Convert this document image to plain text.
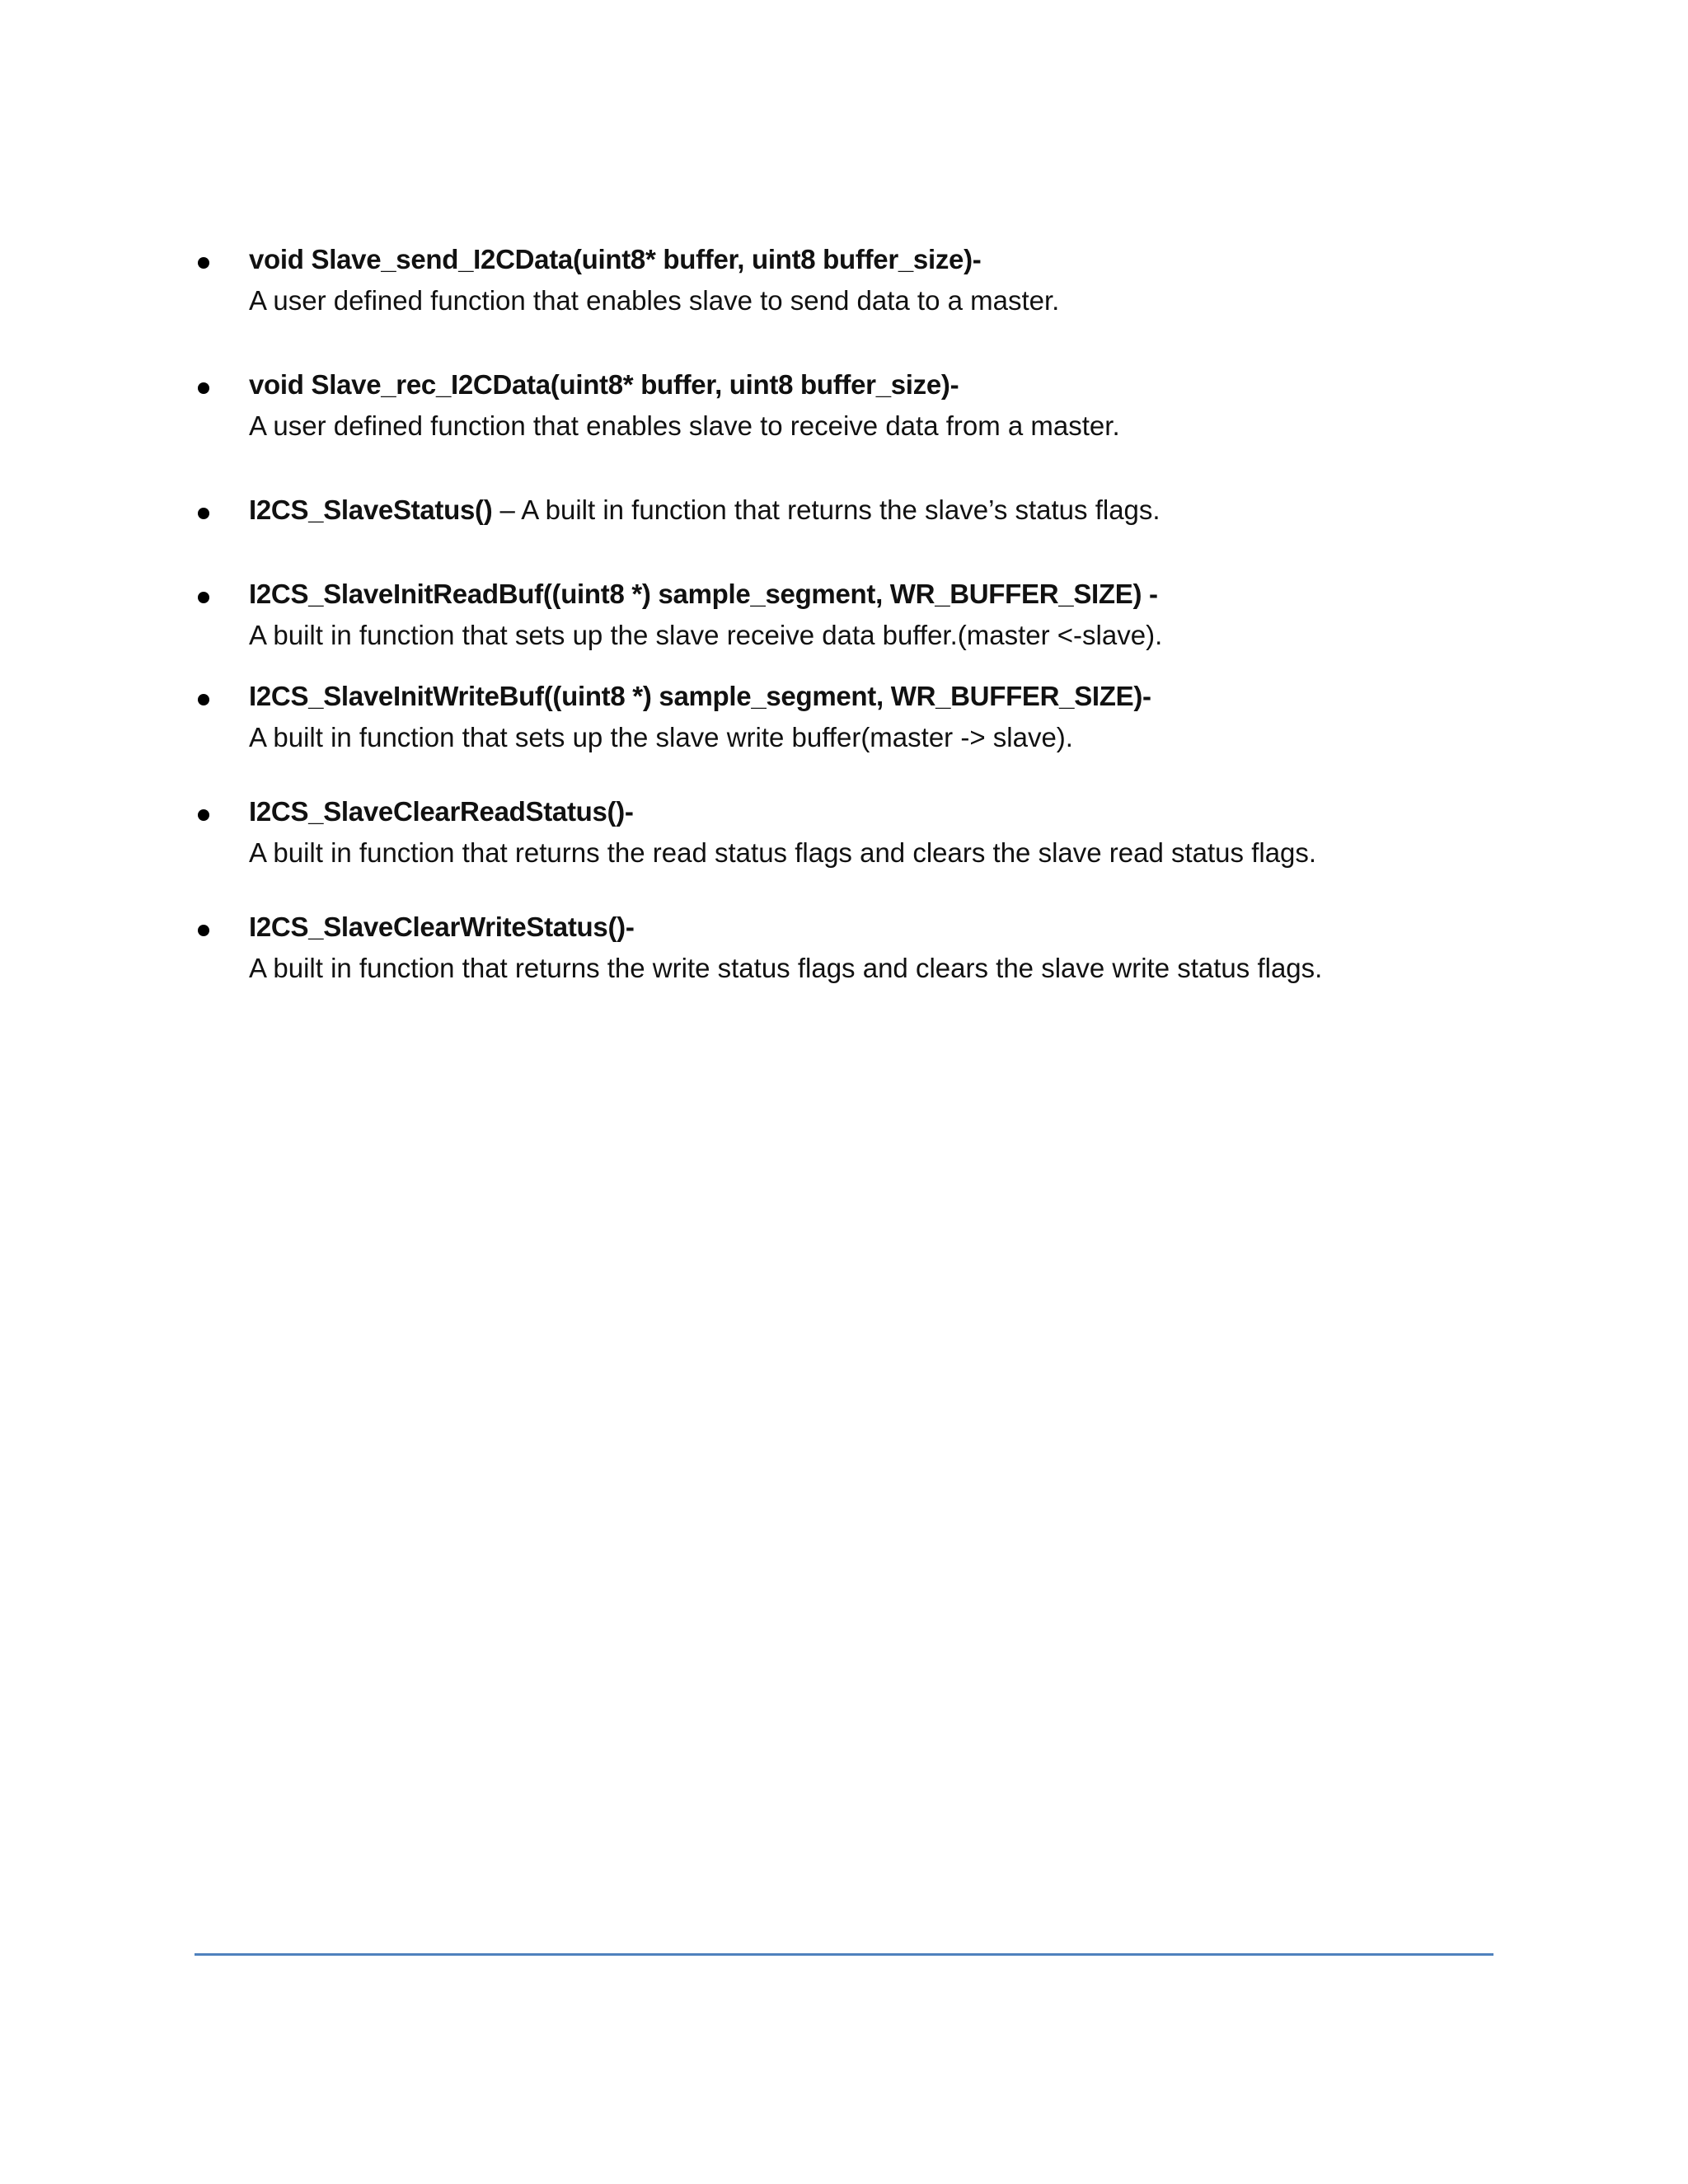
void Slave_send_I2CData(uint8* buffer, uint8 buffer_size)-
A user defined function that enables slave to send data to a master.
void Slave_rec_I2CData(uint8* buffer, uint8 buffer_size)-
A user defined function that enables slave to receive data from a master.
I2CS_SlaveStatus() – A built in function that returns the slave’s status flags.
I2CS_SlaveInitReadBuf((uint8 *) sample_segment, WR_BUFFER_SIZE) -
A built in function that sets up the slave receive data buffer.(master <-slave).
I2CS_SlaveInitWriteBuf((uint8 *) sample_segment, WR_BUFFER_SIZE)-
A built in function that sets up the slave write buffer(master -> slave).
I2CS_SlaveClearReadStatus()-
A built in function that returns the read status flags and clears the slave read status flags.
I2CS_SlaveClearWriteStatus()-
A built in function that returns the write status flags and clears the slave write status flags.
